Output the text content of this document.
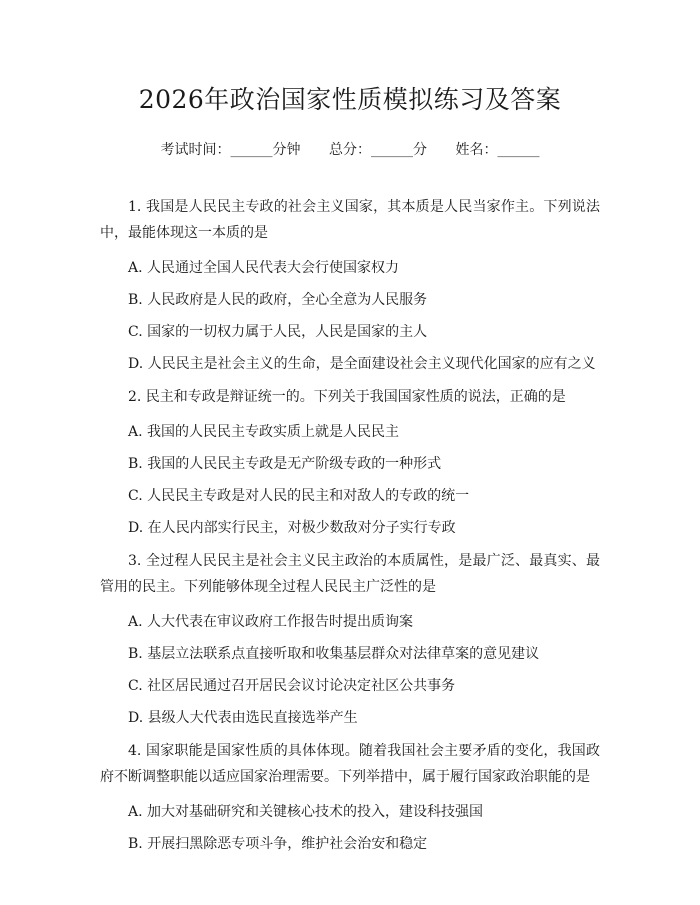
2026年政治国家性质模拟练习及答案
考试时间：______分钟 总分：______分 姓名：______

1. 我国是人民民主专政的社会主义国家，其本质是人民当家作主。下列说法中，最能体现这一本质的是

A. 人民通过全国人民代表大会行使国家权力

B. 人民政府是人民的政府，全心全意为人民服务

C. 国家的一切权力属于人民，人民是国家的主人

D. 人民民主是社会主义的生命，是全面建设社会主义现代化国家的应有之义

2. 民主和专政是辩证统一的。下列关于我国国家性质的说法，正确的是

A. 我国的人民民主专政实质上就是人民民主

B. 我国的人民民主专政是无产阶级专政的一种形式

C. 人民民主专政是对人民的民主和对敌人的专政的统一

D. 在人民内部实行民主，对极少数敌对分子实行专政

3. 全过程人民民主是社会主义民主政治的本质属性，是最广泛、最真实、最管用的民主。下列能够体现全过程人民民主广泛性的是

A. 人大代表在审议政府工作报告时提出质询案

B. 基层立法联系点直接听取和收集基层群众对法律草案的意见建议

C. 社区居民通过召开居民会议讨论决定社区公共事务

D. 县级人大代表由选民直接选举产生

4. 国家职能是国家性质的具体体现。随着我国社会主要矛盾的变化，我国政府不断调整职能以适应国家治理需要。下列举措中，属于履行国家政治职能的是

A. 加大对基础研究和关键核心技术的投入，建设科技强国

B. 开展扫黑除恶专项斗争，维护社会治安和稳定
